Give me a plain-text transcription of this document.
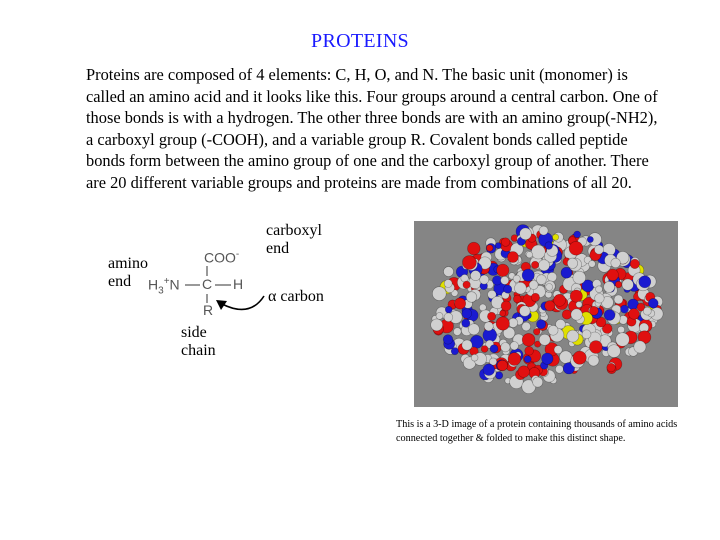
PROTEINS

Proteins are composed of 4 elements: C, H, O, and N. The basic unit (monomer) is called an amino acid and it looks like this. Four groups around a central carbon. One of those bonds is with a hydrogen. The other three bonds are with an amino group(-NH2), a carboxyl group (-COOH), and a variable group R. Covalent bonds called peptide bonds form between the amino group of one and the carboxyl group of another. There are 20 different variable groups and proteins are made from combinations of all 20.

amino
end
carboxyl
end
COO-
$H_3^+N$ C H
R
α carbon
side
chain

This is a 3-D image of a protein containing thousands of amino acids connected together & folded to make this distinct shape.
